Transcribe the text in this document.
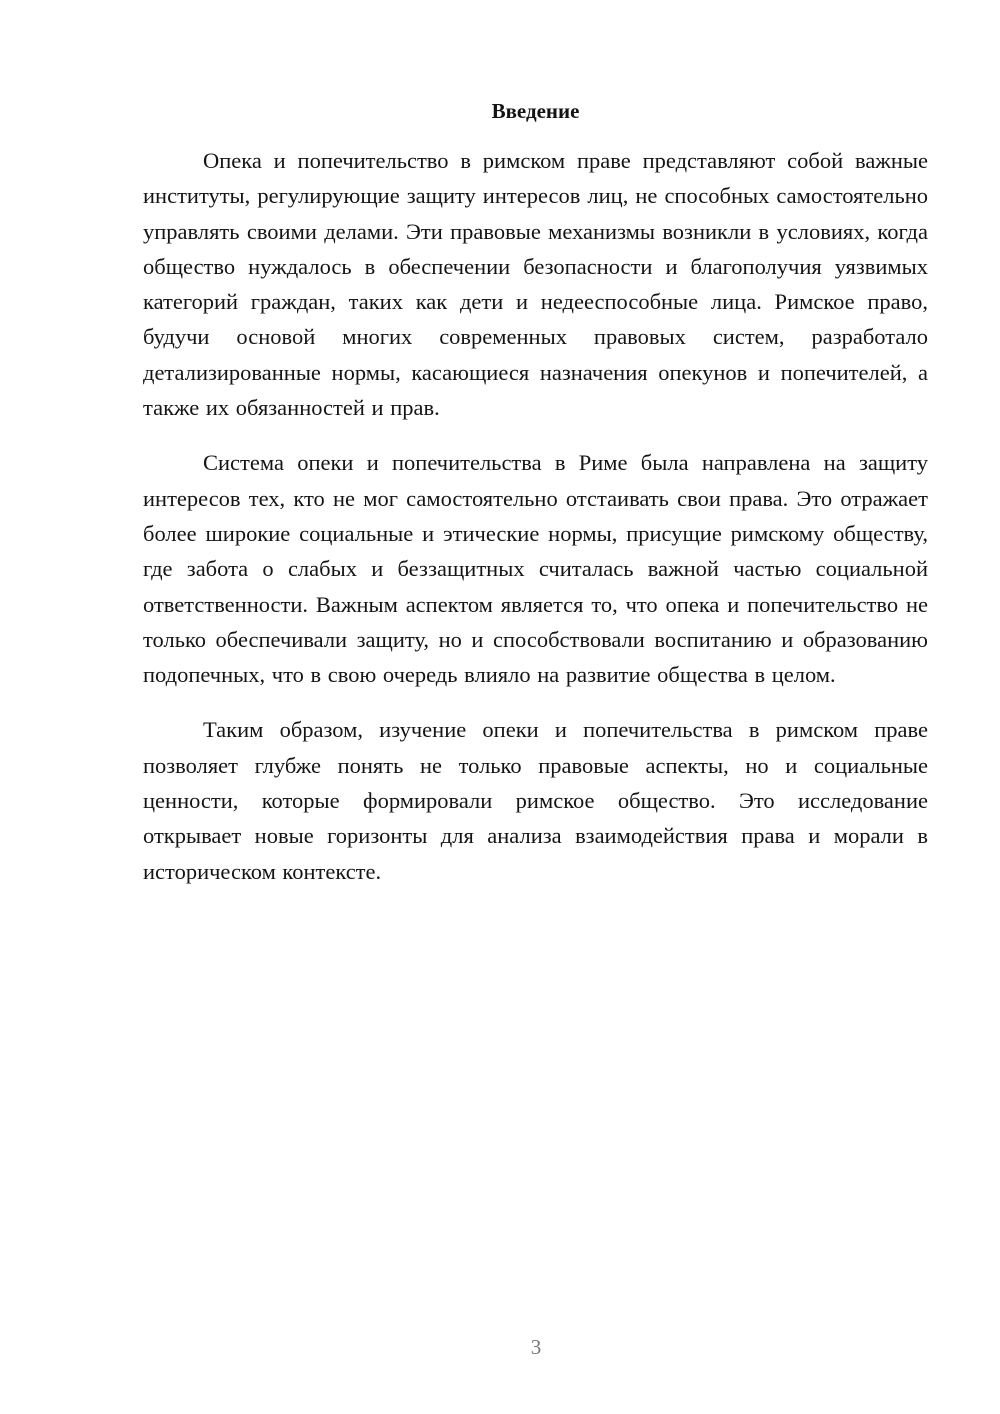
Введение

Опека и попечительство в римском праве представляют собой важные институты, регулирующие защиту интересов лиц, не способных самостоятельно управлять своими делами. Эти правовые механизмы возникли в условиях, когда общество нуждалось в обеспечении безопасности и благополучия уязвимых категорий граждан, таких как дети и недееспособные лица. Римское право, будучи основой многих современных правовых систем, разработало детализированные нормы, касающиеся назначения опекунов и попечителей, а также их обязанностей и прав.

Система опеки и попечительства в Риме была направлена на защиту интересов тех, кто не мог самостоятельно отстаивать свои права. Это отражает более широкие социальные и этические нормы, присущие римскому обществу, где забота о слабых и беззащитных считалась важной частью социальной ответственности. Важным аспектом является то, что опека и попечительство не только обеспечивали защиту, но и способствовали воспитанию и образованию подопечных, что в свою очередь влияло на развитие общества в целом.

Таким образом, изучение опеки и попечительства в римском праве позволяет глубже понять не только правовые аспекты, но и социальные ценности, которые формировали римское общество. Это исследование открывает новые горизонты для анализа взаимодействия права и морали в историческом контексте.

3
